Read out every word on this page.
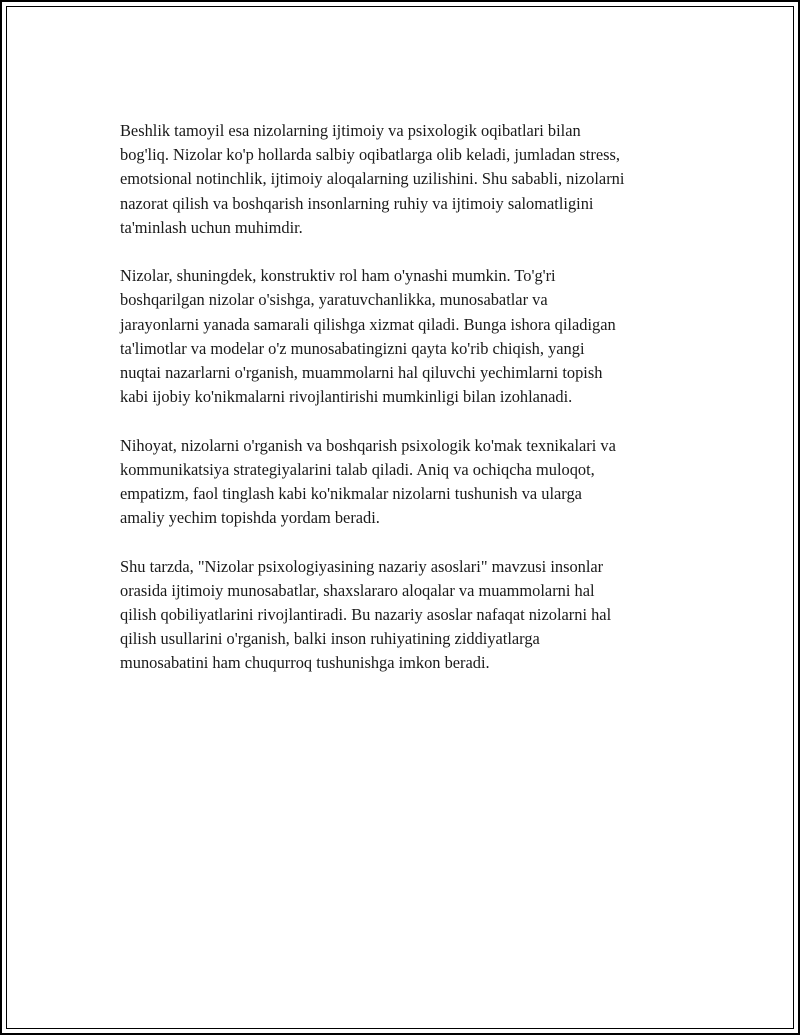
Beshlik tamoyil esa nizolarning ijtimoiy va psixologik oqibatlari bilan
bog'liq. Nizolar ko'p hollarda salbiy oqibatlarga olib keladi, jumladan stress,
emotsional notinchlik, ijtimoiy aloqalarning uzilishini. Shu sababli, nizolarni
nazorat qilish va boshqarish insonlarning ruhiy va ijtimoiy salomatligini
ta'minlash uchun muhimdir.

Nizolar, shuningdek, konstruktiv rol ham o'ynashi mumkin. To'g'ri
boshqarilgan nizolar o'sishga, yaratuvchanlikka, munosabatlar va
jarayonlarni yanada samarali qilishga xizmat qiladi. Bunga ishora qiladigan
ta'limotlar va modelar o'z munosabatingizni qayta ko'rib chiqish, yangi
nuqtai nazarlarni o'rganish, muammolarni hal qiluvchi yechimlarni topish
kabi ijobiy ko'nikmalarni rivojlantirishi mumkinligi bilan izohlanadi.

Nihoyat, nizolarni o'rganish va boshqarish psixologik ko'mak texnikalari va
kommunikatsiya strategiyalarini talab qiladi. Aniq va ochiqcha muloqot,
empatizm, faol tinglash kabi ko'nikmalar nizolarni tushunish va ularga
amaliy yechim topishda yordam beradi.

Shu tarzda, "Nizolar psixologiyasining nazariy asoslari" mavzusi insonlar
orasida ijtimoiy munosabatlar, shaxslararo aloqalar va muammolarni hal
qilish qobiliyatlarini rivojlantiradi. Bu nazariy asoslar nafaqat nizolarni hal
qilish usullarini o'rganish, balki inson ruhiyatining ziddiyatlarga
munosabatini ham chuqurroq tushunishga imkon beradi.
